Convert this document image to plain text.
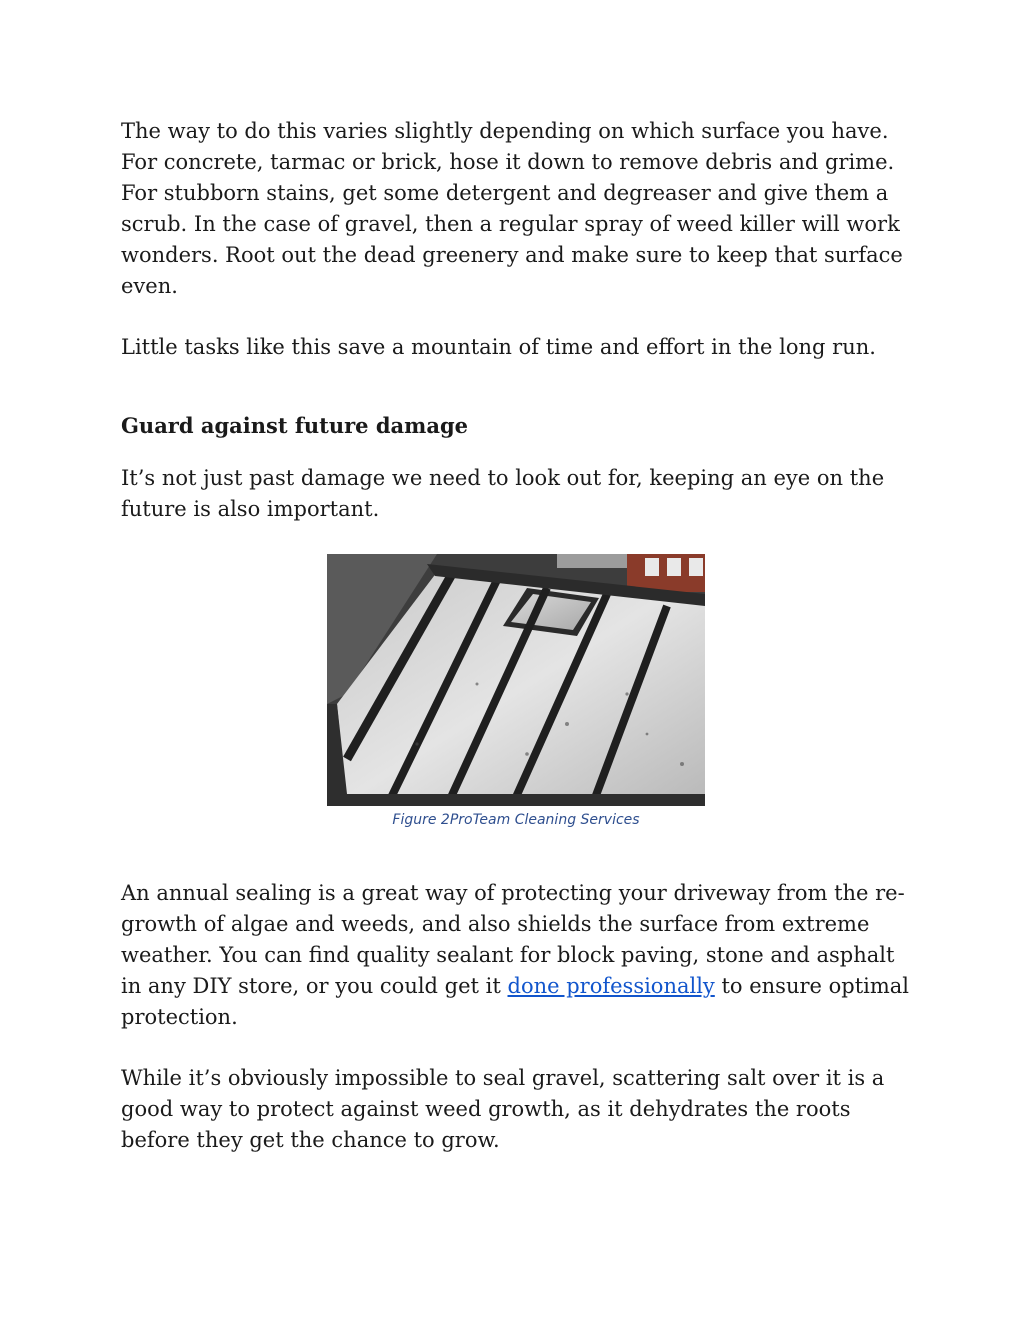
The way to do this varies slightly depending on which surface you have. For concrete, tarmac or brick, hose it down to remove debris and grime. For stubborn stains, get some detergent and degreaser and give them a scrub. In the case of gravel, then a regular spray of weed killer will work wonders. Root out the dead greenery and make sure to keep that surface even.

Little tasks like this save a mountain of time and effort in the long run.

Guard against future damage

It’s not just past damage we need to look out for, keeping an eye on the future is also important.

Figure 2ProTeam Cleaning Services

An annual sealing is a great way of protecting your driveway from the re-growth of algae and weeds, and also shields the surface from extreme weather. You can find quality sealant for block paving, stone and asphalt in any DIY store, or you could get it done professionally to ensure optimal protection.

While it’s obviously impossible to seal gravel, scattering salt over it is a good way to protect against weed growth, as it dehydrates the roots before they get the chance to grow.
